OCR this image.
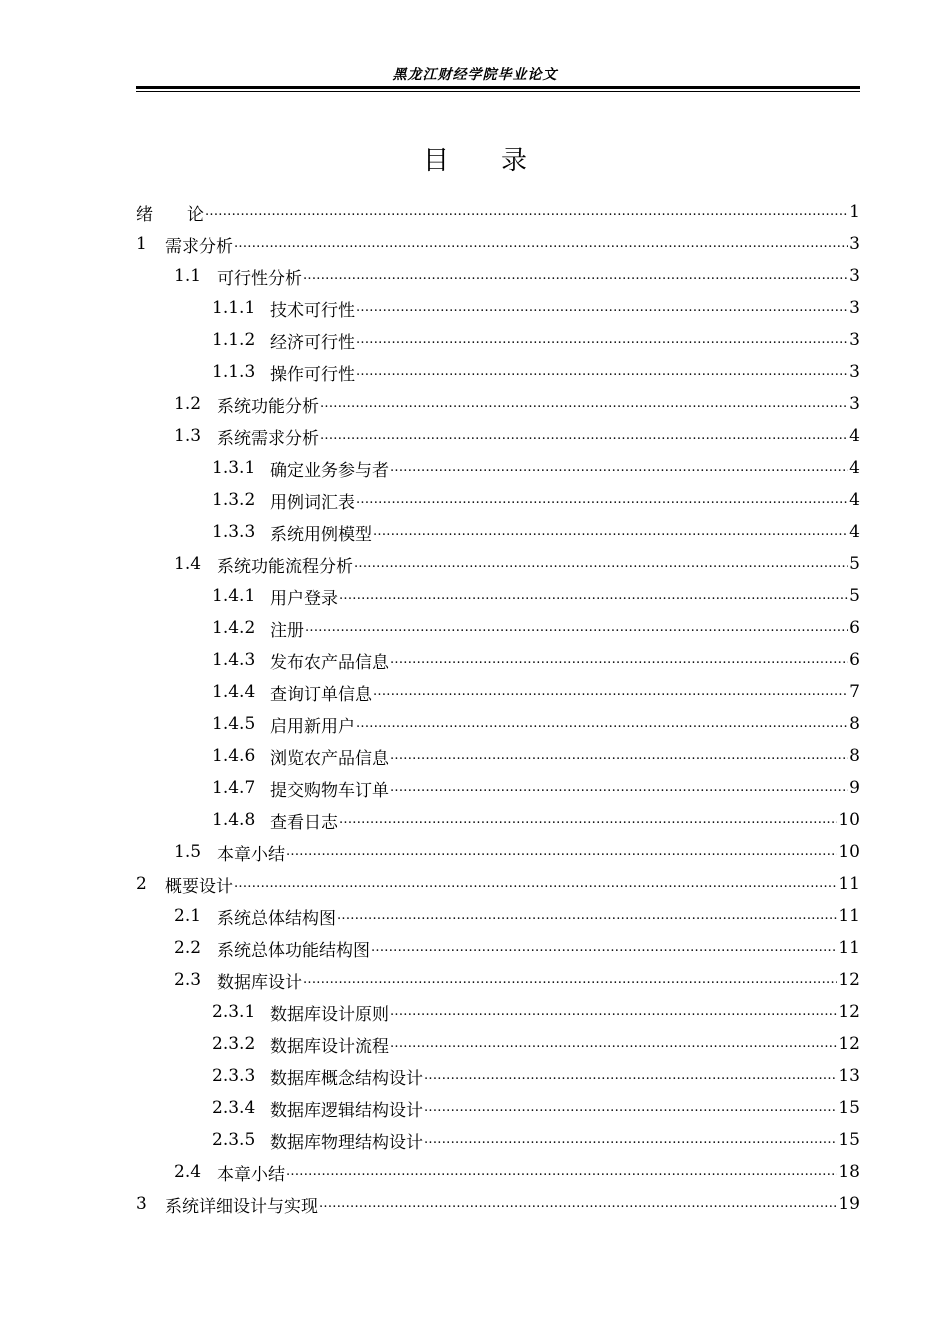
黑龙江财经学院毕业论文
目　　录
绪　　论 .....	1
1	需求分析 .....	3
1.1 可行性分析 .....	3
1.1.1 技术可行性 .....	3
1.1.2 经济可行性 .....	3
1.1.3 操作可行性 .....	3
1.2 系统功能分析 .....	3
1.3 系统需求分析 .....	4
1.3.1 确定业务参与者 .....	4
1.3.2 用例词汇表 .....	4
1.3.3 系统用例模型 .....	4
1.4 系统功能流程分析 .....	5
1.4.1 用户登录 .....	5
1.4.2 注册 .....	6
1.4.3 发布农产品信息 .....	6
1.4.4 查询订单信息 .....	7
1.4.5 启用新用户 .....	8
1.4.6 浏览农产品信息 .....	8
1.4.7 提交购物车订单 .....	9
1.4.8 查看日志 .....	10
1.5 本章小结 .....	10
2	概要设计 .....	11
2.1 系统总体结构图 .....	11
2.2 系统总体功能结构图 .....	11
2.3 数据库设计 .....	12
2.3.1 数据库设计原则 .....	12
2.3.2 数据库设计流程 .....	12
2.3.3 数据库概念结构设计 .....	13
2.3.4 数据库逻辑结构设计 .....	15
2.3.5 数据库物理结构设计 .....	15
2.4 本章小结 .....	18
3	系统详细设计与实现 .....	19
